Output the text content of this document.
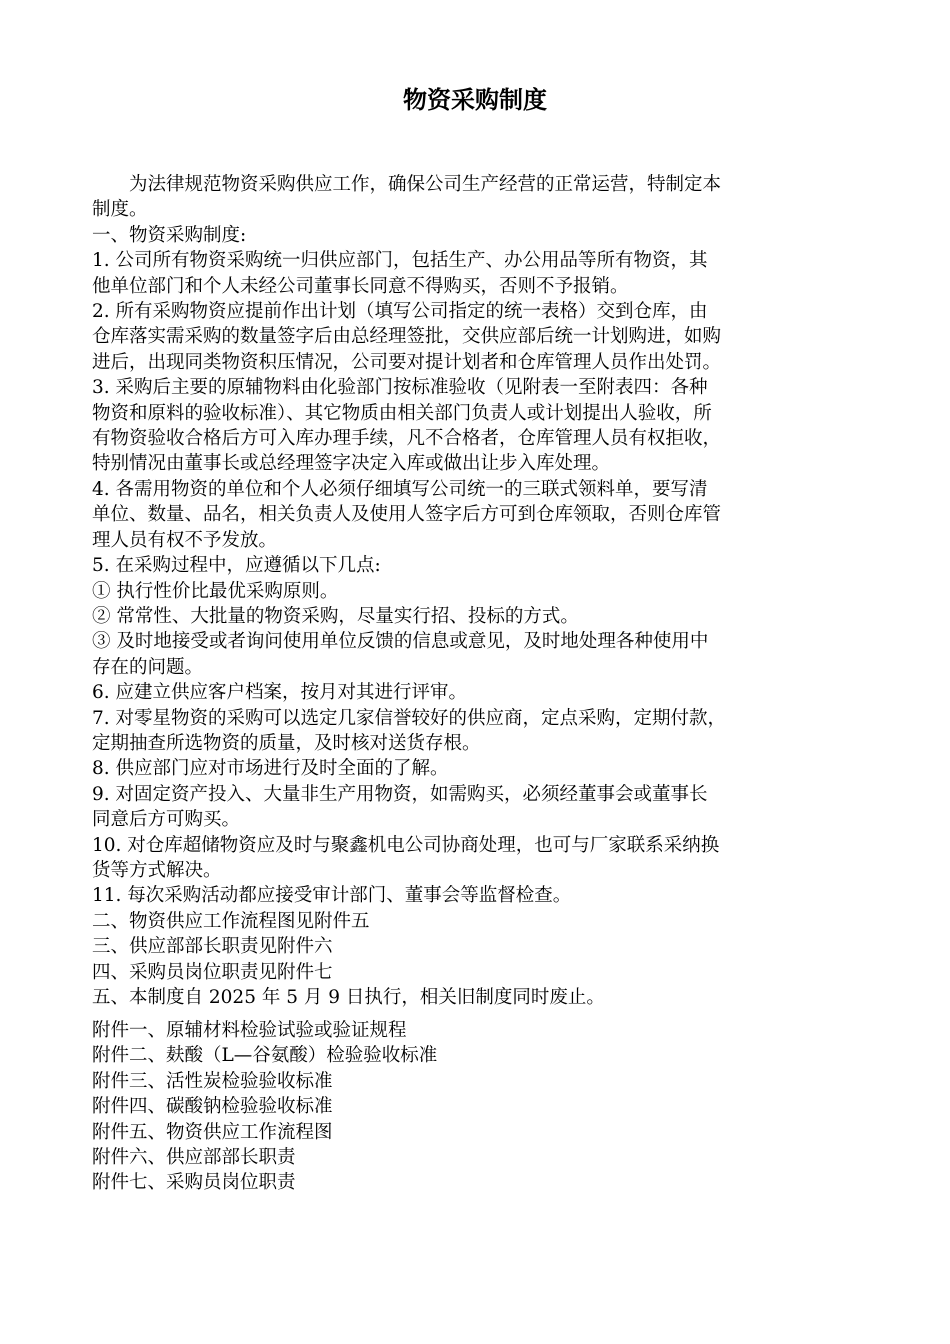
物资采购制度

为法律规范物资采购供应工作，确保公司生产经营的正常运营，特制定本

制度。

一、物资采购制度:

1. 公司所有物资采购统一归供应部门，包括生产、办公用品等所有物资，其

他单位部门和个人未经公司董事长同意不得购买，否则不予报销。

2. 所有采购物资应提前作出计划（填写公司指定的统一表格）交到仓库，由

仓库落实需采购的数量签字后由总经理签批，交供应部后统一计划购进，如购

进后，出现同类物资积压情况，公司要对提计划者和仓库管理人员作出处罚。

3. 采购后主要的原辅物料由化验部门按标准验收（见附表一至附表四：各种

物资和原料的验收标准）、其它物质由相关部门负责人或计划提出人验收，所

有物资验收合格后方可入库办理手续，凡不合格者，仓库管理人员有权拒收，

特别情况由董事长或总经理签字决定入库或做出让步入库处理。

4. 各需用物资的单位和个人必须仔细填写公司统一的三联式领料单，要写清

单位、数量、品名，相关负责人及使用人签字后方可到仓库领取，否则仓库管

理人员有权不予发放。

5. 在采购过程中，应遵循以下几点:

① 执行性价比最优采购原则。

② 常常性、大批量的物资采购，尽量实行招、投标的方式。

③ 及时地接受或者询问使用单位反馈的信息或意见，及时地处理各种使用中

存在的问题。

6. 应建立供应客户档案，按月对其进行评审。

7. 对零星物资的采购可以选定几家信誉较好的供应商，定点采购，定期付款，

定期抽查所选物资的质量，及时核对送货存根。

8. 供应部门应对市场进行及时全面的了解。

9. 对固定资产投入、大量非生产用物资，如需购买，必须经董事会或董事长

同意后方可购买。

10. 对仓库超储物资应及时与聚鑫机电公司协商处理，也可与厂家联系采纳换

货等方式解决。

11. 每次采购活动都应接受审计部门、董事会等监督检查。

二、物资供应工作流程图见附件五

三、供应部部长职责见附件六

四、采购员岗位职责见附件七

五、本制度自 2025 年 5 月 9 日执行，相关旧制度同时废止。

附件一、原辅材料检验试验或验证规程

附件二、麸酸（L—谷氨酸）检验验收标准

附件三、活性炭检验验收标准

附件四、碳酸钠检验验收标准

附件五、物资供应工作流程图

附件六、供应部部长职责

附件七、采购员岗位职责
